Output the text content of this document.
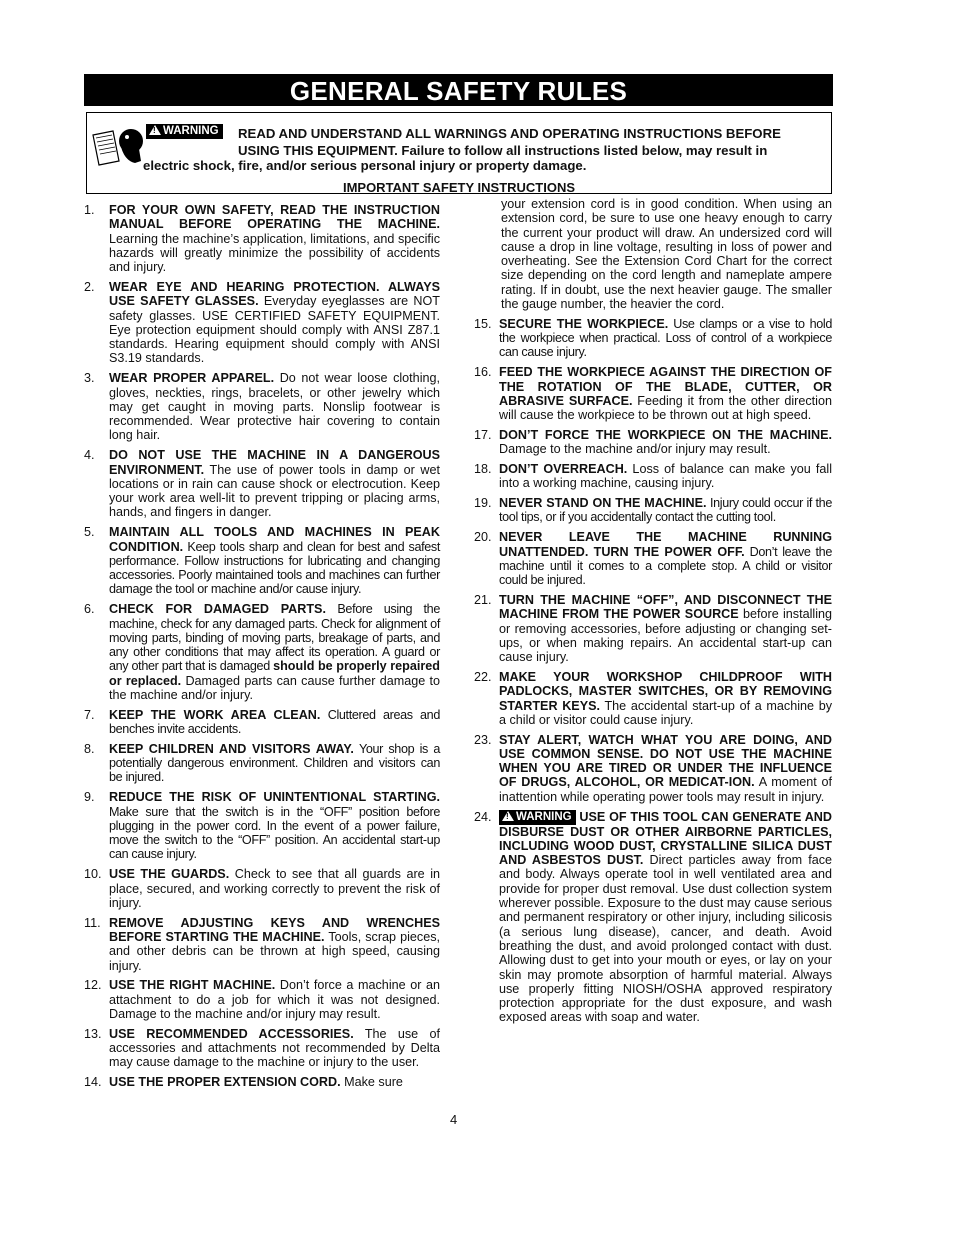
GENERAL SAFETY RULES
! WARNING	READ AND UNDERSTAND ALL WARNINGS AND OPERATING INSTRUCTIONS BEFORE
USING THIS EQUIPMENT. Failure to follow all instructions listed below, may result in
electric shock, fire, and/or serious personal injury or property damage.
IMPORTANT SAFETY INSTRUCTIONS
1.	FOR YOUR OWN SAFETY, READ THE INSTRUCTION MANUAL BEFORE OPERATING THE MACHINE. Learning the machine’s application, limitations, and specific hazards will greatly minimize the possibility of accidents and injury.
2.	WEAR EYE AND HEARING PROTECTION. ALWAYS USE SAFETY GLASSES. Everyday eyeglasses are NOT safety glasses. USE CERTIFIED SAFETY EQUIPMENT. Eye protection equipment should comply with ANSI Z87.1 standards. Hearing equipment should comply with ANSI S3.19 standards.
3.	WEAR PROPER APPAREL. Do not wear loose clothing, gloves, neckties, rings, bracelets, or other jewelry which may get caught in moving parts. Nonslip footwear is recommended. Wear protective hair covering to contain long hair.
4.	DO NOT USE THE MACHINE IN A DANGEROUS ENVIRONMENT. The use of power tools in damp or wet locations or in rain can cause shock or electrocution. Keep your work area well-lit to prevent tripping or placing arms, hands, and fingers in danger.
5.	MAINTAIN ALL TOOLS AND MACHINES IN PEAK CONDITION. Keep tools sharp and clean for best and safest performance. Follow instructions for lubricating and changing accessories. Poorly maintained tools and machines can further damage the tool or machine and/or cause injury.
6.	CHECK FOR DAMAGED PARTS. Before using the machine, check for any damaged parts. Check for alignment of moving parts, binding of moving parts, breakage of parts, and any other conditions that may affect its operation. A guard or any other part that is damaged should be properly repaired or replaced. Damaged parts can cause further damage to the machine and/or injury.
7.	KEEP THE WORK AREA CLEAN. Cluttered areas and benches invite accidents.
8.	KEEP CHILDREN AND VISITORS AWAY. Your shop is a potentially dangerous environment. Children and visitors can be injured.
9.	REDUCE THE RISK OF UNINTENTIONAL STARTING. Make sure that the switch is in the “OFF” position before plugging in the power cord. In the event of a power failure, move the switch to the “OFF” position. An accidental start-up can cause injury.
10. USE THE GUARDS. Check to see that all guards are in place, secured, and working correctly to prevent the risk of injury.
11. REMOVE ADJUSTING KEYS AND WRENCHES BEFORE STARTING THE MACHINE. Tools, scrap pieces, and other debris can be thrown at high speed, causing injury.
12. USE THE RIGHT MACHINE. Don’t force a machine or an attachment to do a job for which it was not designed. Damage to the machine and/or injury may result.
13. USE RECOMMENDED ACCESSORIES. The use of accessories and attachments not recommended by Delta may cause damage to the machine or injury to the user.
14. USE THE PROPER EXTENSION CORD. Make sure
your extension cord is in good condition. When using an extension cord, be sure to use one heavy enough to carry the current your product will draw. An undersized cord will cause a drop in line voltage, resulting in loss of power and overheating. See the Extension Cord Chart for the correct size depending on the cord length and nameplate ampere rating. If in doubt, use the next heavier gauge. The smaller the gauge number, the heavier the cord.
15. SECURE THE WORKPIECE. Use clamps or a vise to hold the workpiece when practical. Loss of control of a workpiece can cause injury.
16. FEED THE WORKPIECE AGAINST THE DIRECTION OF THE ROTATION OF THE BLADE, CUTTER, OR ABRASIVE SURFACE. Feeding it from the other direction will cause the workpiece to be thrown out at high speed.
17. DON’T FORCE THE WORKPIECE ON THE MACHINE. Damage to the machine and/or injury may result.
18. DON’T OVERREACH. Loss of balance can make you fall into a working machine, causing injury.
19. NEVER STAND ON THE MACHINE. Injury could occur if the tool tips, or if you accidentally contact the cutting tool.
20. NEVER LEAVE THE MACHINE RUNNING UNATTENDED. TURN THE POWER OFF. Don’t leave the machine until it comes to a complete stop. A child or visitor could be injured.
21. TURN THE MACHINE “OFF”, AND DISCONNECT THE MACHINE FROM THE POWER SOURCE before installing or removing accessories, before adjusting or changing set-ups, or when making repairs. An accidental start-up can cause injury.
22. MAKE YOUR WORKSHOP CHILDPROOF WITH PADLOCKS, MASTER SWITCHES, OR BY REMOVING STARTER KEYS. The accidental start-up of a machine by a child or visitor could cause injury.
23. STAY ALERT, WATCH WHAT YOU ARE DOING, AND USE COMMON SENSE. DO NOT USE THE MACHINE WHEN YOU ARE TIRED OR UNDER THE INFLUENCE OF DRUGS, ALCOHOL, OR MEDICAT-ION. A moment of inattention while operating power tools may result in injury.
24.	! WARNING USE OF THIS TOOL CAN GENERATE AND DISBURSE DUST OR OTHER AIRBORNE PARTICLES, INCLUDING WOOD DUST, CRYSTALLINE SILICA DUST AND ASBESTOS DUST. Direct particles away from face and body. Always operate tool in well ventilated area and provide for proper dust removal. Use dust collection system wherever possible. Exposure to the dust may cause serious and permanent respiratory or other injury, including silicosis (a serious lung disease), cancer, and death. Avoid breathing the dust, and avoid prolonged contact with dust. Allowing dust to get into your mouth or eyes, or lay on your skin may promote absorption of harmful material. Always use properly fitting NIOSH/OSHA approved respiratory protection appropriate for the dust exposure, and wash exposed areas with soap and water.
4
